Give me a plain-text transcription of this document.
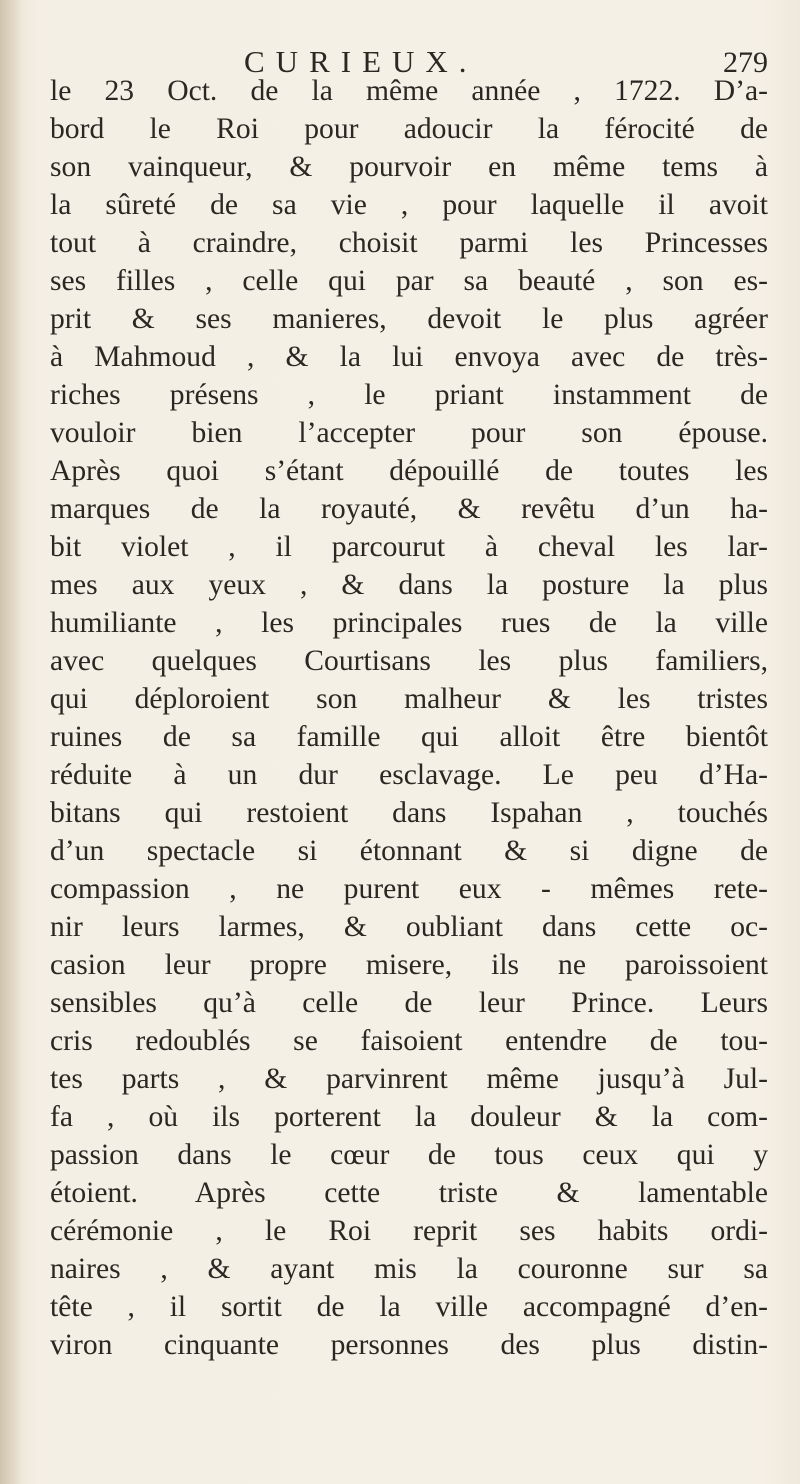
CURIEUX.	279
le 23 Oct. de la même année , 1722. D’a-
bord le Roi pour adoucir la férocité de
son vainqueur, & pourvoir en même tems à
la sûreté de sa vie , pour laquelle il avoit
tout à craindre, choisit parmi les Princesses
ses filles , celle qui par sa beauté , son es-
prit & ses manieres, devoit le plus agréer
à Mahmoud , & la lui envoya avec de très-
riches présens , le priant instamment de
vouloir bien l’accepter pour son épouse.
Après quoi s’étant dépouillé de toutes les
marques de la royauté, & revêtu d’un ha-
bit violet , il parcourut à cheval les lar-
mes aux yeux , & dans la posture la plus
humiliante , les principales rues de la ville
avec quelques Courtisans les plus familiers,
qui déploroient son malheur & les tristes
ruines de sa famille qui alloit être bientôt
réduite à un dur esclavage. Le peu d’Ha-
bitans qui restoient dans Ispahan , touchés
d’un spectacle si étonnant & si digne de
compassion , ne purent eux - mêmes rete-
nir leurs larmes, & oubliant dans cette oc-
casion leur propre misere, ils ne paroissoient
sensibles qu’à celle de leur Prince. Leurs
cris redoublés se faisoient entendre de tou-
tes parts , & parvinrent même jusqu’à Jul-
fa , où ils porterent la douleur & la com-
passion dans le cœur de tous ceux qui y
étoient. Après cette triste & lamentable
cérémonie , le Roi reprit ses habits ordi-
naires , & ayant mis la couronne sur sa
tête , il sortit de la ville accompagné d’en-
viron cinquante personnes des plus distin-
